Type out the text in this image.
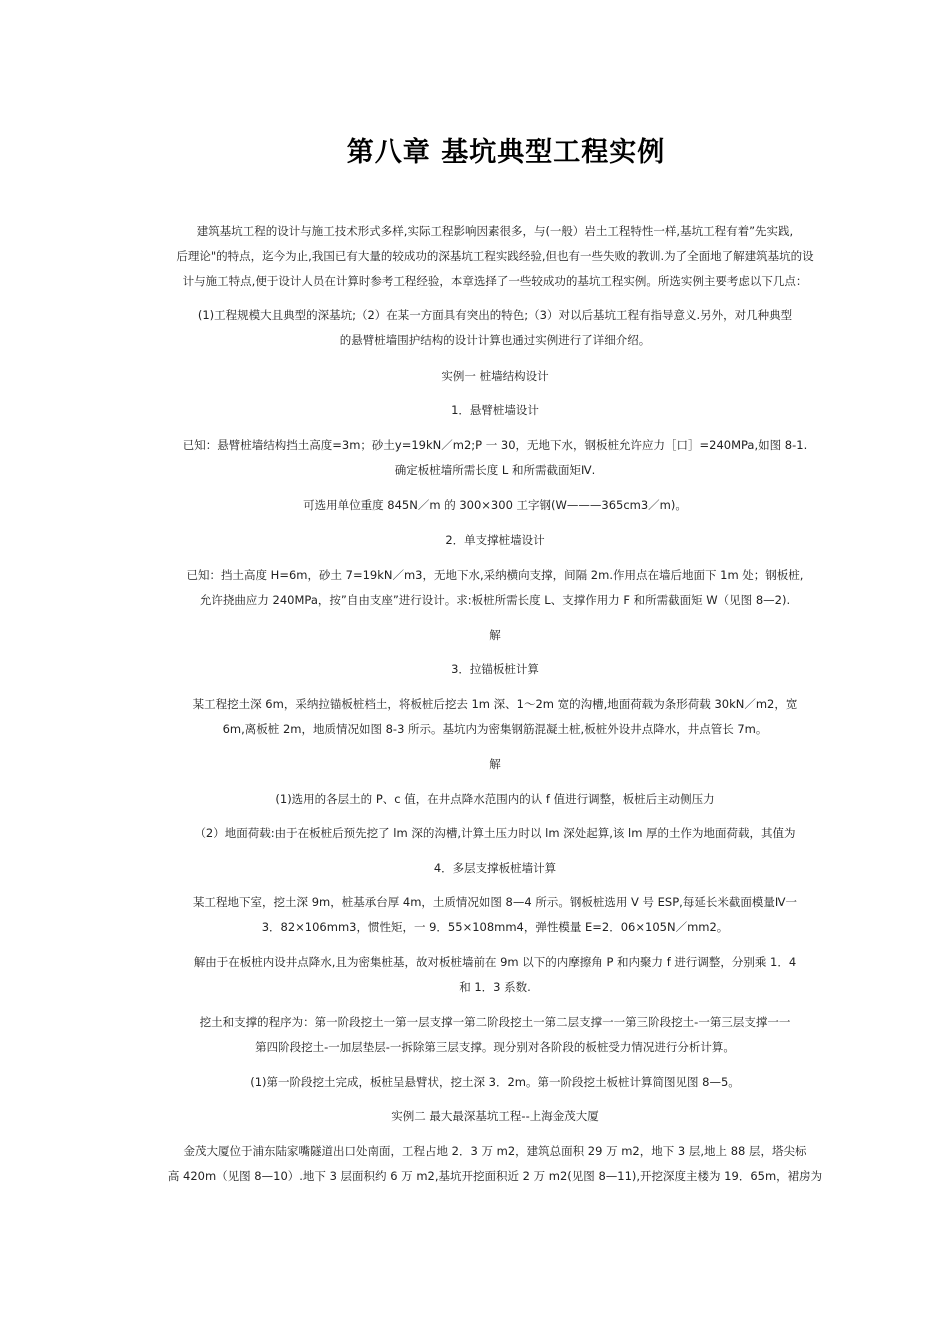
第八章 基坑典型工程实例
建筑基坑工程的设计与施工技术形式多样,实际工程影响因素很多，与(一般）岩土工程特性一样,基坑工程有着”先实践,
后理论"的特点，迄今为止,我国已有大量的较成功的深基坑工程实践经验,但也有一些失败的教训.为了全面地了解建筑基坑的设
计与施工特点,便于设计人员在计算时参考工程经验，本章选择了一些较成功的基坑工程实例。所选实例主要考虑以下几点：
(1)工程规模大且典型的深基坑;（2）在某一方面具有突出的特色;（3）对以后基坑工程有指导意义.另外，对几种典型
的悬臂桩墙围护结构的设计计算也通过实例进行了详细介绍。
实例一 桩墙结构设计
1．悬臂桩墙设计
已知：悬臂桩墙结构挡土高度=3m；砂土y=19kN／m2;P 一 30，无地下水，钢板桩允许应力［口］=240MPa,如图 8-1.
确定板桩墙所需长度 L 和所需截面矩Ⅳ.
可选用单位重度 845N／m 的 300×300 工字钢(W———365cm3／m)。
2．单支撑桩墙设计
已知：挡土高度 H=6m，砂土 7=19kN／m3，无地下水,采纳横向支撑，间隔 2m.作用点在墙后地面下 1m 处；钢板桩,
允许挠曲应力 240MPa，按”自由支座”进行设计。求:板桩所需长度 L、支撑作用力 F 和所需截面矩 W（见图 8—2).
解
3．拉锚板桩计算
某工程挖土深 6m，采纳拉锚板桩档土，将板桩后挖去 1m 深、1～2m 宽的沟槽,地面荷载为条形荷载 30kN／m2，宽
6m,离板桩 2m，地质情况如图 8-3 所示。基坑内为密集钢筋混凝土桩,板桩外设井点降水，井点管长 7m。
解
(1)选用的各层土的 P、c 值，在井点降水范围内的认 f 值进行调整，板桩后主动侧压力
（2）地面荷载:由于在板桩后预先挖了 lm 深的沟槽,计算土压力时以 lm 深处起算,该 lm 厚的土作为地面荷载，其值为
4．多层支撑板桩墙计算
某工程地下室，挖土深 9m，桩基承台厚 4m，土质情况如图 8—4 所示。钢板桩选用 V 号 ESP,每延长米截面模量Ⅳ一
3．82×106mm3，惯性矩，一 9．55×108mm4，弹性模量 E=2．06×105N／mm2。
解由于在板桩内设井点降水,且为密集桩基，故对板桩墙前在 9m 以下的内摩擦角 P 和内聚力 f 进行调整，分别乘 1．4
和 1．3 系数.
挖土和支撑的程序为：第一阶段挖土一第一层支撑一第二阶段挖土一第二层支撑一一第三阶段挖土-一第三层支撑一一
第四阶段挖土-一加层垫层-一拆除第三层支撑。现分别对各阶段的板桩受力情况进行分析计算。
(1)第一阶段挖土完成，板桩呈悬臂状，挖土深 3．2m。第一阶段挖土板桩计算简图见图 8—5。
实例二 最大最深基坑工程--上海金茂大厦
金茂大厦位于浦东陆家嘴隧道出口处南面，工程占地 2．3 万 m2，建筑总面积 29 万 m2，地下 3 层,地上 88 层，塔尖标
高 420m（见图 8—10）.地下 3 层面积约 6 万 m2,基坑开挖面积近 2 万 m2(见图 8—11),开挖深度主楼为 19．65m，裙房为
